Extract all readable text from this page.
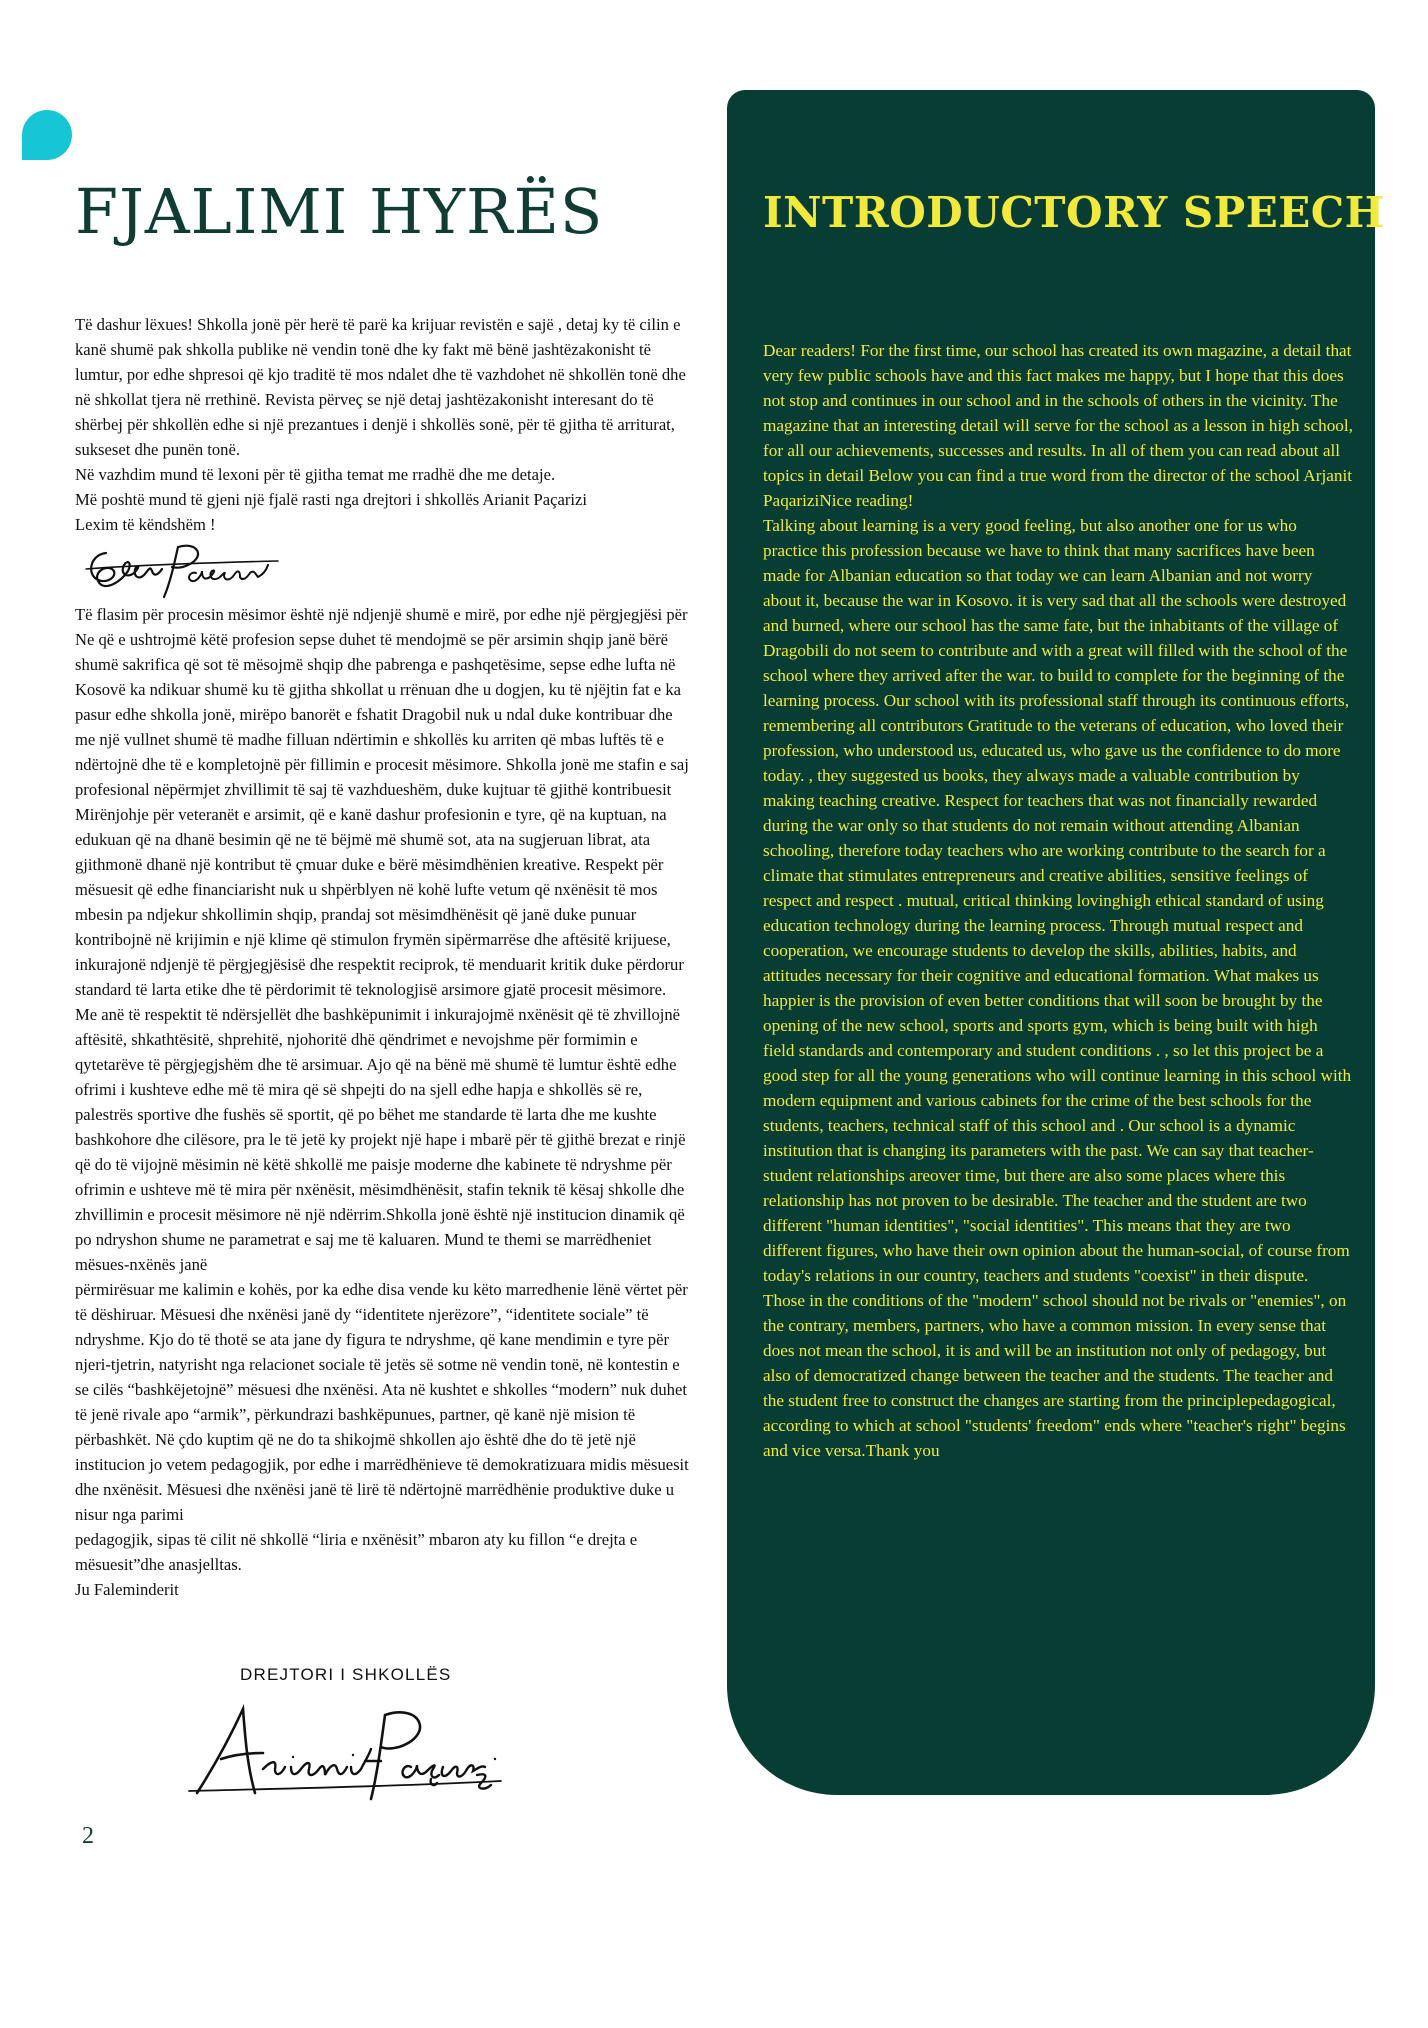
FJALIMI HYRËS

Të dashur lëxues! Shkolla jonë për herë të parë ka krijuar revistën e sajë , detaj ky të cilin e kanë shumë pak shkolla publike në vendin tonë dhe ky fakt më bënë jashtëzakonisht të lumtur, por edhe shpresoi që kjo traditë të mos ndalet dhe të vazhdohet në shkollën tonë dhe në shkollat tjera në rrethinë. Revista përveç se një detaj jashtëzakonisht interesant do të shërbej për shkollën edhe si një prezantues i denjë i shkollës sonë, për të gjitha të arriturat, sukseset dhe punën tonë.
Në vazhdim mund të lexoni për të gjitha temat me rradhë dhe me detaje.
Më poshtë mund të gjeni një fjalë rasti nga drejtori i shkollës Arianit Paçarizi
Lexim të këndshëm !

Të flasim për procesin mësimor është një ndjenjë shumë e mirë, por edhe një përgjegjësi për Ne që e ushtrojmë këtë profesion sepse duhet të mendojmë se për arsimin shqip janë bërë shumë sakrifica që sot të mësojmë shqip dhe pabrenga e pashqetësime, sepse edhe lufta në Kosovë ka ndikuar shumë ku të gjitha shkollat u rrënuan dhe u dogjen, ku të njëjtin fat e ka pasur edhe shkolla jonë, mirëpo banorët e fshatit Dragobil nuk u ndal duke kontribuar dhe me një vullnet shumë të madhe filluan ndërtimin e shkollës ku arriten që mbas luftës të e ndërtojnë dhe të e kompletojnë për fillimin e procesit mësimore. Shkolla jonë me stafin e saj profesional nëpërmjet zhvillimit të saj të vazhdueshëm, duke kujtuar të gjithë kontribuesit Mirënjohje për veteranët e arsimit, që e kanë dashur profesionin e tyre, që na kuptuan, na edukuan që na dhanë besimin që ne të bëjmë më shumë sot, ata na sugjeruan librat, ata gjithmonë dhanë një kontribut të çmuar duke e bërë mësimdhënien kreative. Respekt për mësuesit që edhe financiarisht nuk u shpërblyen në kohë lufte vetum që nxënësit të mos mbesin pa ndjekur shkollimin shqip, prandaj sot mësimdhënësit që janë duke punuar kontribojnë në krijimin e një klime që stimulon frymën sipërmarrëse dhe aftësitë krijuese, inkurajonë ndjenjë të përgjegjësisë dhe respektit reciprok, të menduarit kritik duke përdorur standard të larta etike dhe të përdorimit të teknologjisë arsimore gjatë procesit mësimore. Me anë të respektit të ndërsjellët dhe bashkëpunimit i inkurajojmë nxënësit që të zhvillojnë aftësitë, shkathtësitë, shprehitë, njohoritë dhë qëndrimet e nevojshme për formimin e qytetarëve të përgjegjshëm dhe të arsimuar. Ajo që na bënë më shumë të lumtur është edhe ofrimi i kushteve edhe më të mira që së shpejti do na sjell edhe hapja e shkollës së re, palestrës sportive dhe fushës së sportit, që po bëhet me standarde të larta dhe me kushte bashkohore dhe cilësore, pra le të jetë ky projekt një hape i mbarë për të gjithë brezat e rinjë që do të vijojnë mësimin në këtë shkollë me paisje moderne dhe kabinete të ndryshme për ofrimin e ushteve më të mira për nxënësit, mësimdhënësit, stafin teknik të kësaj shkolle dhe zhvillimin e procesit mësimore në një ndërrim.Shkolla jonë është një institucion dinamik që po ndryshon shume ne parametrat e saj me të kaluaren. Mund te themi se marrëdheniet mësues-nxënës janë
përmirësuar me kalimin e kohës, por ka edhe disa vende ku këto marredhenie lënë vërtet për të dëshiruar. Mësuesi dhe nxënësi janë dy “identitete njerëzore”, “identitete sociale” të ndryshme. Kjo do të thotë se ata jane dy figura te ndryshme, që kane mendimin e tyre për njeri-tjetrin, natyrisht nga relacionet sociale të jetës së sotme në vendin tonë, në kontestin e se cilës “bashkëjetojnë” mësuesi dhe nxënësi. Ata në kushtet e shkolles “modern” nuk duhet të jenë rivale apo “armik”, përkundrazi bashkëpunues, partner, që kanë një mision të përbashkët. Në çdo kuptim që ne do ta shikojmë shkollen ajo është dhe do të jetë një institucion jo vetem pedagogjik, por edhe i marrëdhënieve të demokratizuara midis mësuesit dhe nxënësit. Mësuesi dhe nxënësi janë të lirë të ndërtojnë marrëdhënie produktive duke u nisur nga parimi
pedagogjik, sipas të cilit në shkollë “liria e nxënësit” mbaron aty ku fillon “e drejta e mësuesit”dhe anasjelltas.
Ju Faleminderit

DREJTORI I SHKOLLËS
2
INTRODUCTORY SPEECH

Dear readers! For the first time, our school has created its own magazine, a detail that very few public schools have and this fact makes me happy, but I hope that this does not stop and continues in our school and in the schools of others in the vicinity. The magazine that an interesting detail will serve for the school as a lesson in high school, for all our achievements, successes and results. In all of them you can read about all topics in detail Below you can find a true word from the director of the school Arjanit PaqariziNice reading!
Talking about learning is a very good feeling, but also another one for us who practice this profession because we have to think that many sacrifices have been made for Albanian education so that today we can learn Albanian and not worry about it, because the war in Kosovo. it is very sad that all the schools were destroyed and burned, where our school has the same fate, but the inhabitants of the village of Dragobili do not seem to contribute and with a great will filled with the school of the school where they arrived after the war. to build to complete for the beginning of the learning process. Our school with its professional staff through its continuous efforts, remembering all contributors Gratitude to the veterans of education, who loved their profession, who understood us, educated us, who gave us the confidence to do more today. , they suggested us books, they always made a valuable contribution by making teaching creative. Respect for teachers that was not financially rewarded during the war only so that students do not remain without attending Albanian schooling, therefore today teachers who are working contribute to the search for a climate that stimulates entrepreneurs and creative abilities, sensitive feelings of respect and respect . mutual, critical thinking lovinghigh ethical standard of using education technology during the learning process. Through mutual respect and cooperation, we encourage students to develop the skills, abilities, habits, and attitudes necessary for their cognitive and educational formation. What makes us happier is the provision of even better conditions that will soon be brought by the opening of the new school, sports and sports gym, which is being built with high field standards and contemporary and student conditions . , so let this project be a good step for all the young generations who will continue learning in this school with modern equipment and various cabinets for the crime of the best schools for the students, teachers, technical staff of this school and . Our school is a dynamic institution that is changing its parameters with the past. We can say that teacher-student relationships areover time, but there are also some places where this relationship has not proven to be desirable. The teacher and the student are two different "human identities", "social identities". This means that they are two different figures, who have their own opinion about the human-social, of course from today's relations in our country, teachers and students "coexist" in their dispute. Those in the conditions of the "modern" school should not be rivals or "enemies", on the contrary, members, partners, who have a common mission. In every sense that does not mean the school, it is and will be an institution not only of pedagogy, but also of democratized change between the teacher and the students. The teacher and the student free to construct the changes are starting from the principlepedagogical, according to which at school "students' freedom" ends where "teacher's right" begins and vice versa.Thank you
